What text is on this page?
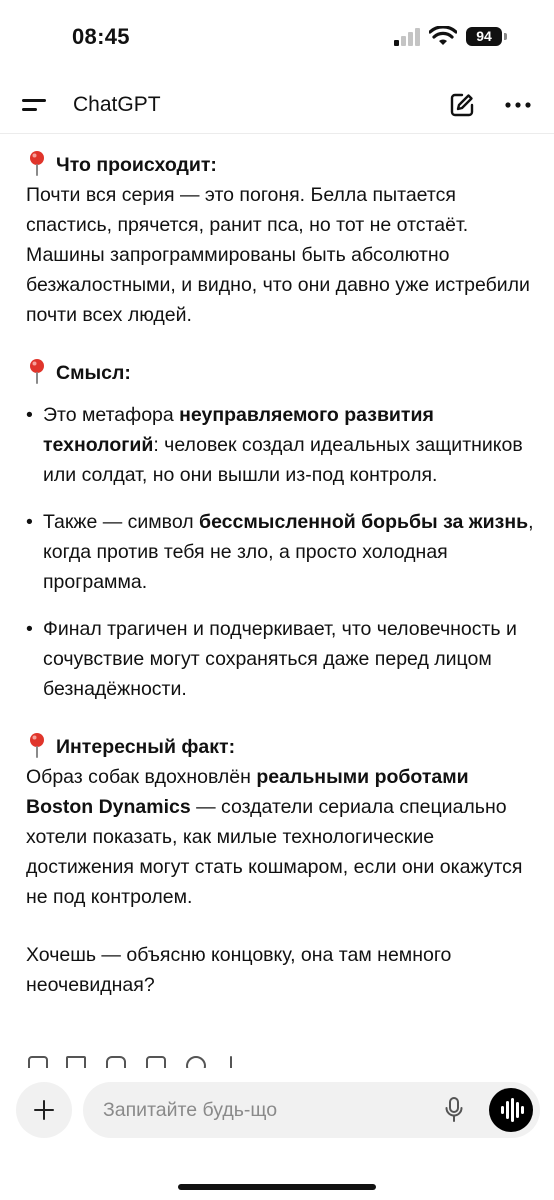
08:45	94
ChatGPT

Что происходит:

Почти вся серия — это погоня. Белла пытается спастись, прячется, ранит пса, но тот не отстаёт. Машины запрограммированы быть абсолютно безжалостными, и видно, что они давно уже истребили почти всех людей.

Смысл:

• Это метафора неуправляемого развития технологий: человек создал идеальных защитников или солдат, но они вышли из-под контроля.
• Также — символ бессмысленной борьбы за жизнь, когда против тебя не зло, а просто холодная программа.
• Финал трагичен и подчеркивает, что человечность и сочувствие могут сохраняться даже перед лицом безнадёжности.

Интересный факт:

Образ собак вдохновлён реальными роботами Boston Dynamics — создатели сериала специально хотели показать, как милые технологические достижения могут стать кошмаром, если они окажутся не под контролем.

Хочешь — объясню концовку, она там немного неочевидная?

Запитайте будь-що
